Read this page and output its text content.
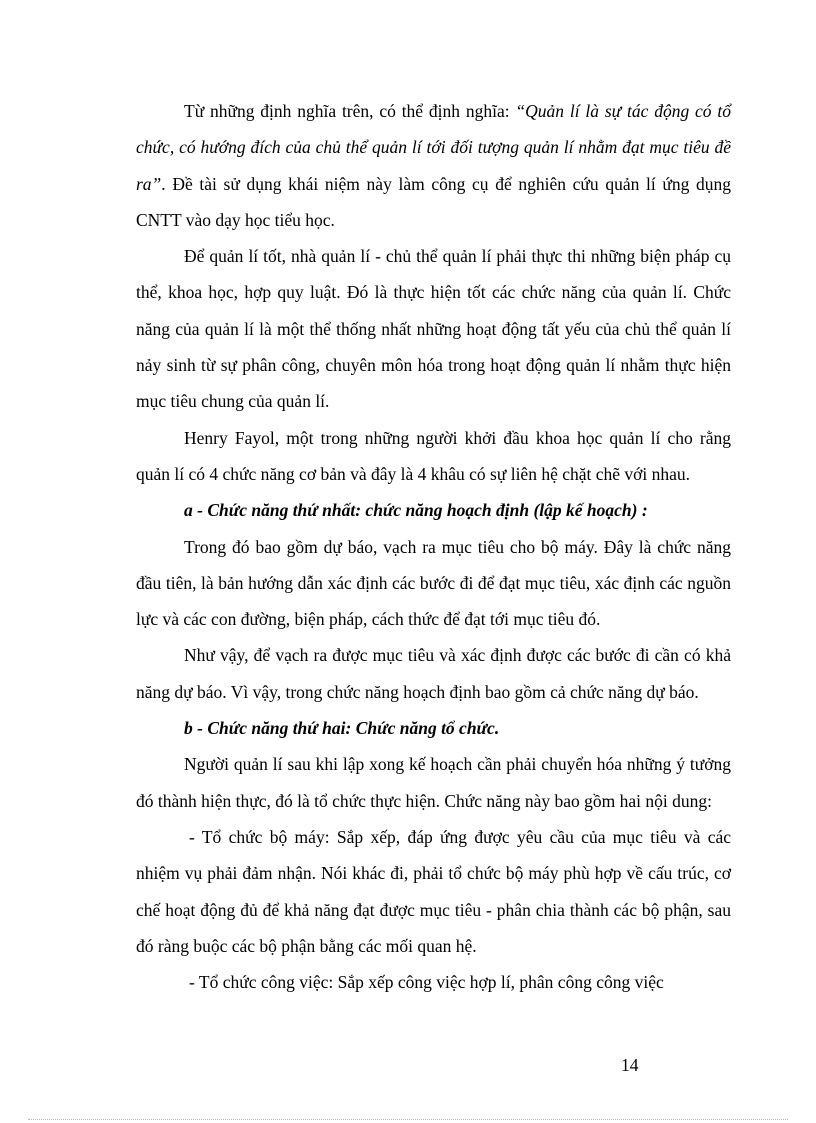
Từ những định nghĩa trên, có thể định nghĩa: “Quản lí là sự tác động có tổ chức, có hướng đích của chủ thể quản lí tới đối tượng quản lí nhằm đạt mục tiêu đề ra”. Đề tài sử dụng khái niệm này làm công cụ để nghiên cứu quản lí ứng dụng CNTT vào dạy học tiểu học.

Để quản lí tốt, nhà quản lí - chủ thể quản lí phải thực thi những biện pháp cụ thể, khoa học, hợp quy luật. Đó là thực hiện tốt các chức năng của quản lí. Chức năng của quản lí là một thể thống nhất những hoạt động tất yếu của chủ thể quản lí nảy sinh từ sự phân công, chuyên môn hóa trong hoạt động quản lí nhằm thực hiện mục tiêu chung của quản lí.

Henry Fayol, một trong những người khởi đầu khoa học quản lí cho rằng quản lí có 4 chức năng cơ bản và đây là 4 khâu có sự liên hệ chặt chẽ với nhau.

a - Chức năng thứ nhất: chức năng hoạch định (lập kế hoạch) :

Trong đó bao gồm dự báo, vạch ra mục tiêu cho bộ máy. Đây là chức năng đầu tiên, là bản hướng dẫn xác định các bước đi để đạt mục tiêu, xác định các nguồn lực và các con đường, biện pháp, cách thức để đạt tới mục tiêu đó.

Như vậy, để vạch ra được mục tiêu và xác định được các bước đi cần có khả năng dự báo. Vì vậy, trong chức năng hoạch định bao gồm cả chức năng dự báo.

b - Chức năng thứ hai: Chức năng tổ chức.

Người quản lí sau khi lập xong kế hoạch cần phải chuyển hóa những ý tưởng đó thành hiện thực, đó là tổ chức thực hiện. Chức năng này bao gồm hai nội dung:

- Tổ chức bộ máy: Sắp xếp, đáp ứng được yêu cầu của mục tiêu và các nhiệm vụ phải đảm nhận. Nói khác đi, phải tổ chức bộ máy phù hợp về cấu trúc, cơ chế hoạt động đủ để khả năng đạt được mục tiêu - phân chia thành các bộ phận, sau đó ràng buộc các bộ phận bằng các mối quan hệ.

- Tổ chức công việc: Sắp xếp công việc hợp lí, phân công công việc

14
